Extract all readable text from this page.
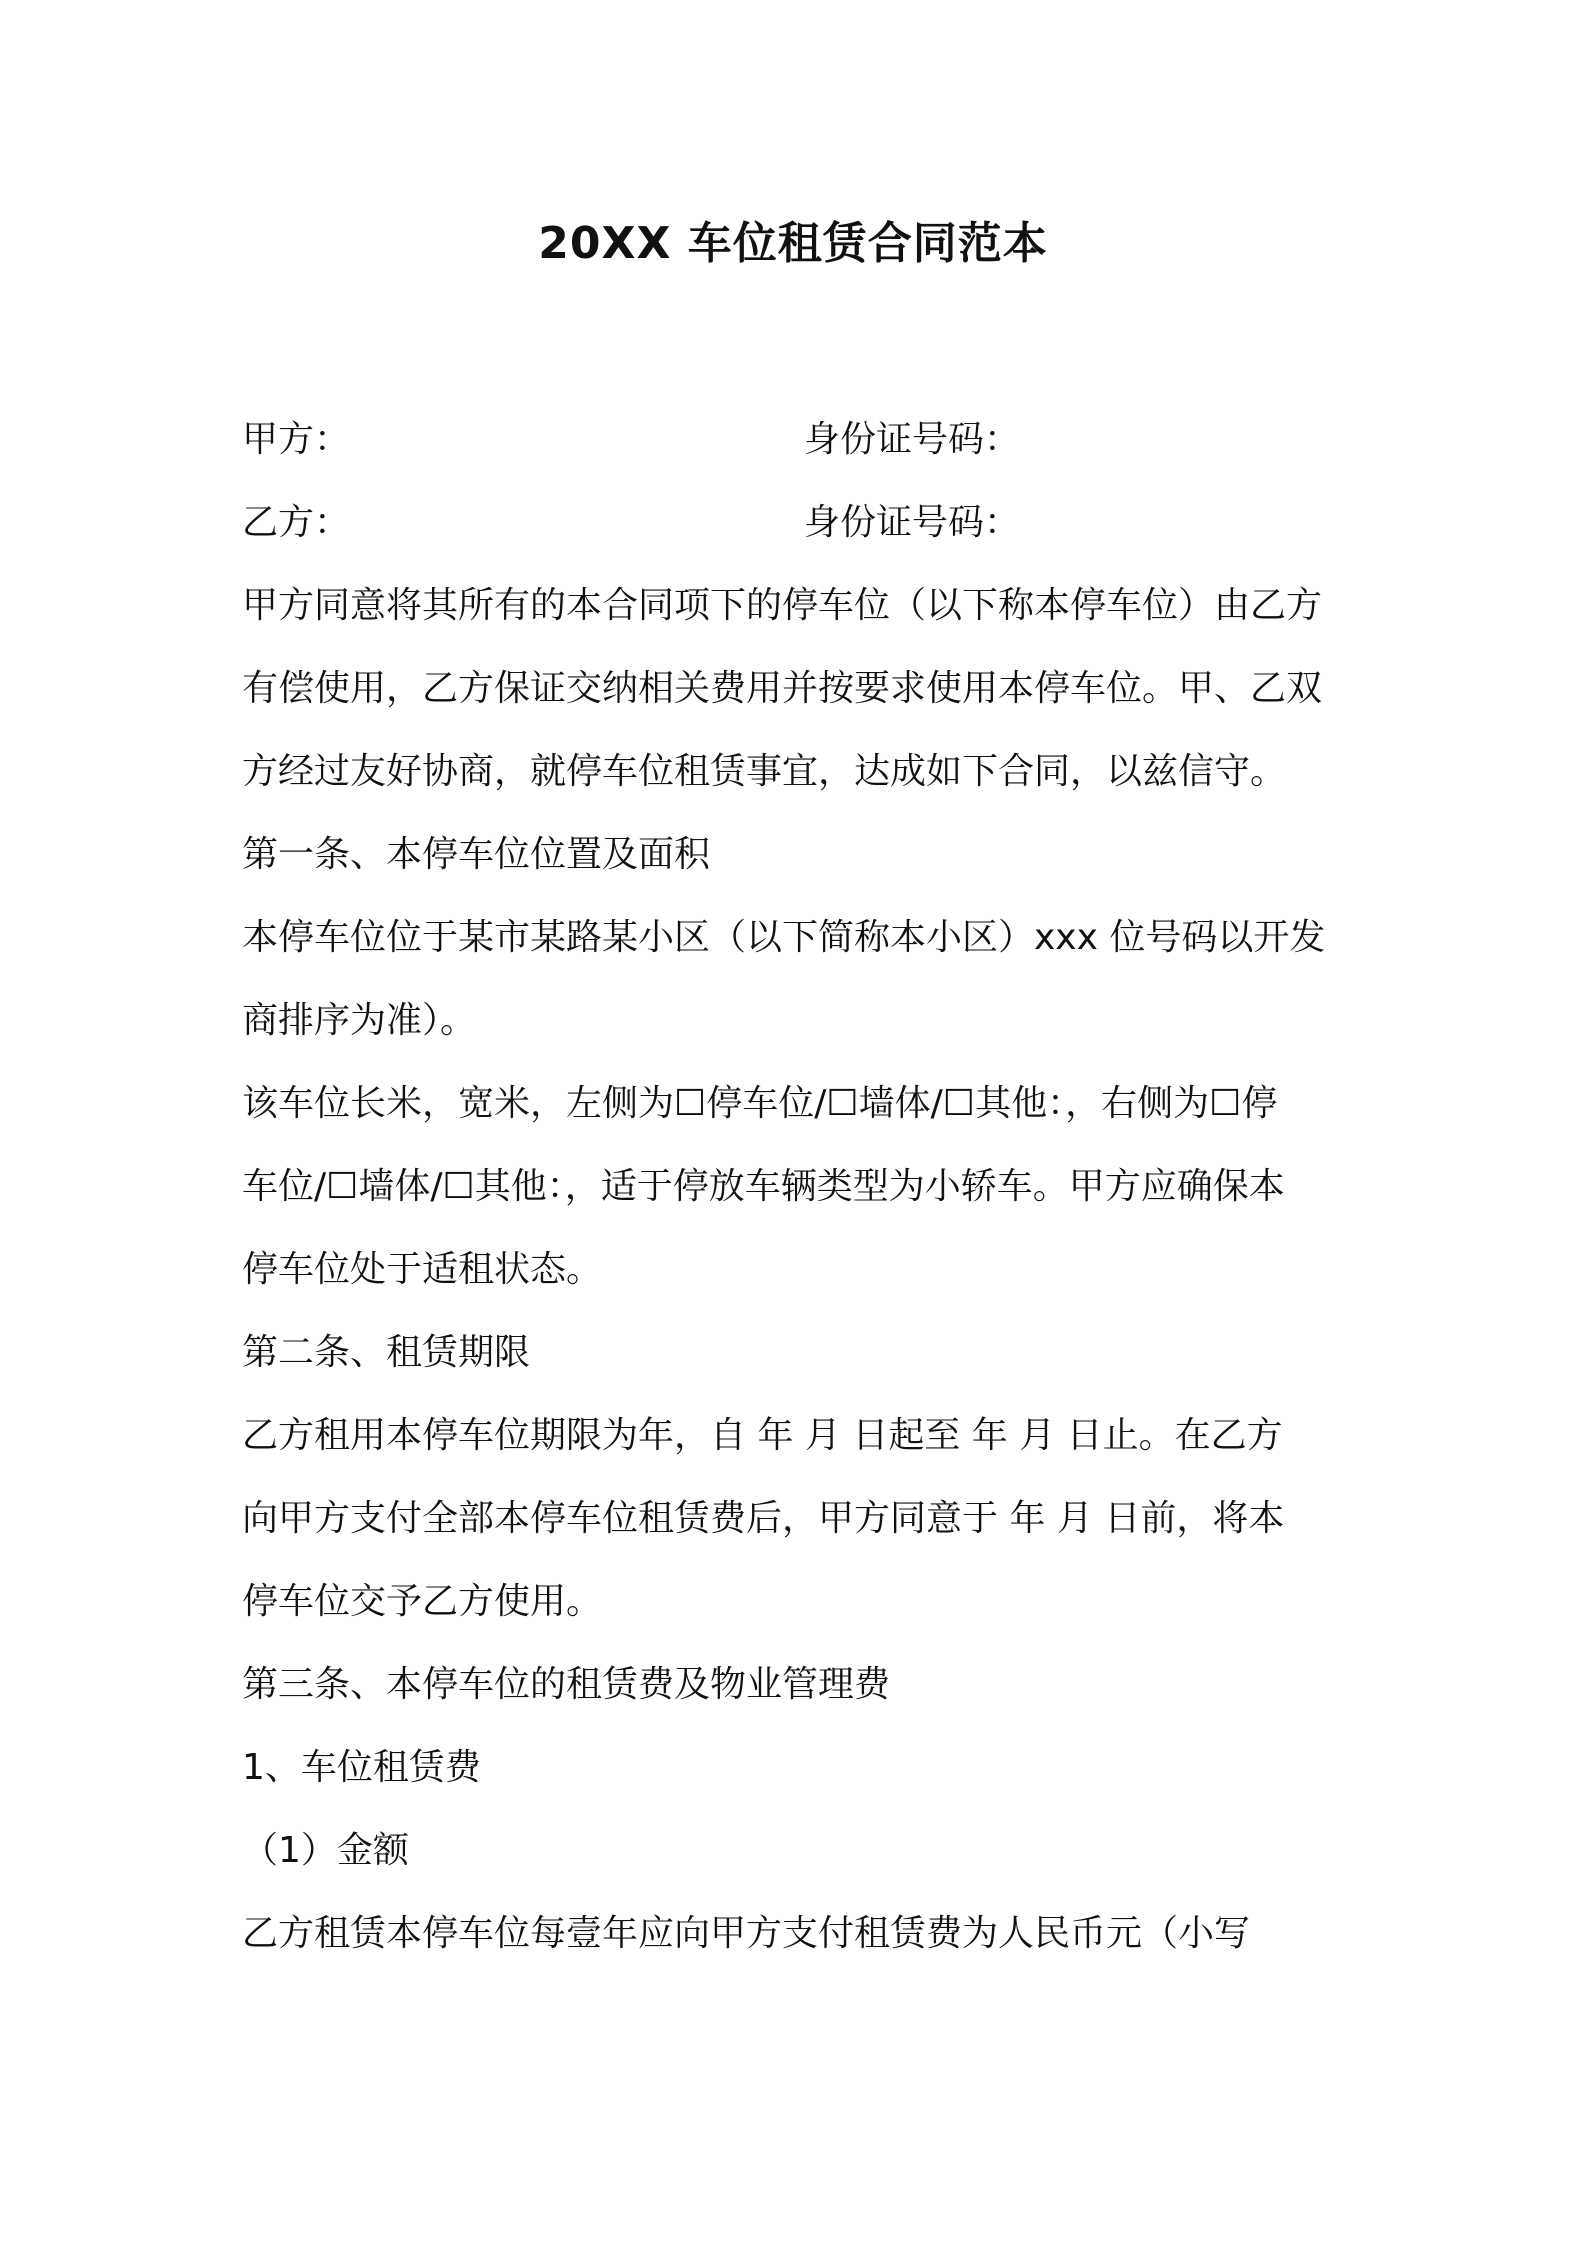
20XX 车位租赁合同范本
甲方：	身份证号码：
乙方：	身份证号码：
甲方同意将其所有的本合同项下的停车位（以下称本停车位）由乙方
有偿使用，乙方保证交纳相关费用并按要求使用本停车位。甲、乙双
方经过友好协商，就停车位租赁事宜，达成如下合同，以兹信守。
第一条、本停车位位置及面积
本停车位位于某市某路某小区（以下简称本小区）xxx 位号码以开发
商排序为准）。
该车位长米，宽米，左侧为☐停车位/☐墙体/☐其他：，右侧为☐停
车位/☐墙体/☐其他：，适于停放车辆类型为小轿车。甲方应确保本
停车位处于适租状态。
第二条、租赁期限
乙方租用本停车位期限为年，自 年 月 日起至 年 月 日止。在乙方
向甲方支付全部本停车位租赁费后，甲方同意于 年 月 日前，将本
停车位交予乙方使用。
第三条、本停车位的租赁费及物业管理费
1、车位租赁费
（1）金额
乙方租赁本停车位每壹年应向甲方支付租赁费为人民币元（小写
